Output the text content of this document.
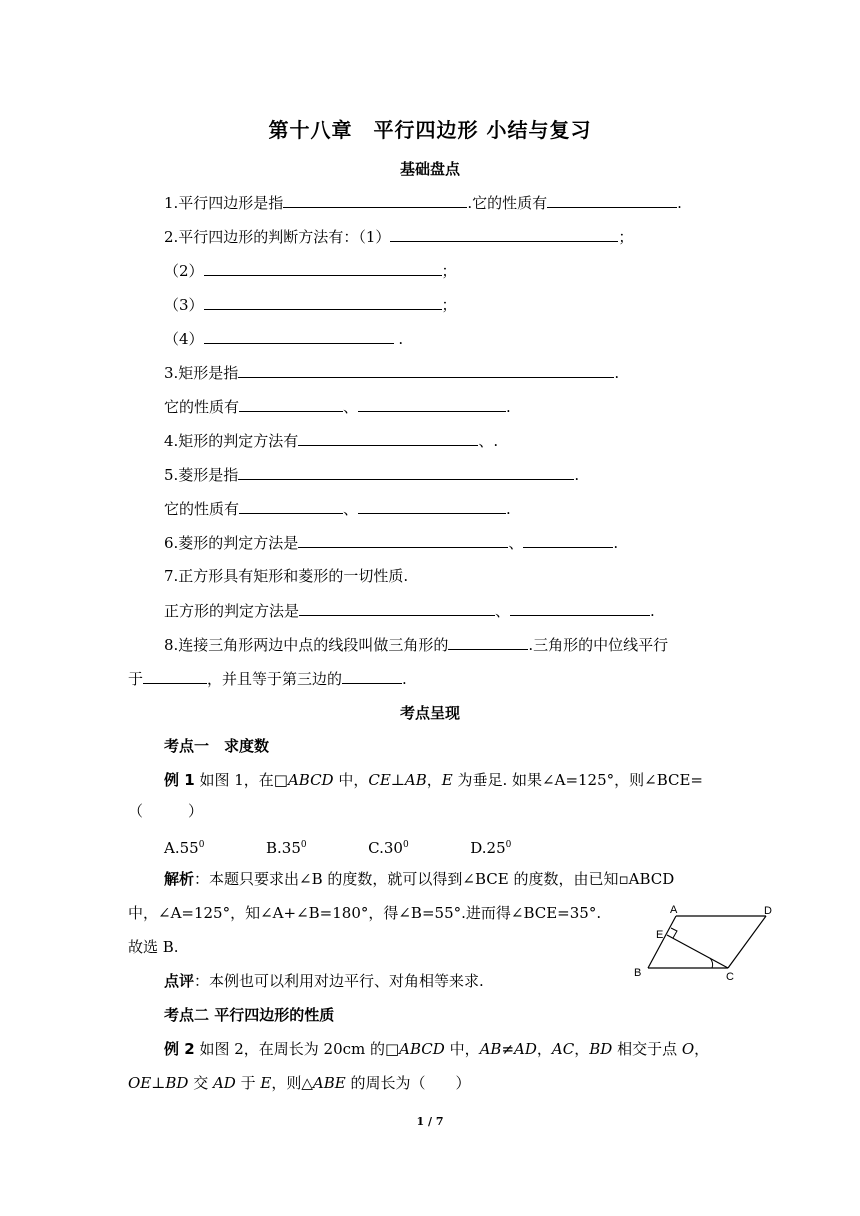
第十八章　平行四边形 小结与复习
基础盘点
1.平行四边形是指	.它的性质有	.
2.平行四边形的判断方法有：（1）	；
（2）	；
（3）	；
（4）	.
3.矩形是指	.
它的性质有	、	.
4.矩形的判定方法有	、.
5.菱形是指	.
它的性质有	、	.
6.菱形的判定方法是	、	.
7.正方形具有矩形和菱形的一切性质.
正方形的判定方法是	、	.
8.连接三角形两边中点的线段叫做三角形的	.三角形的中位线平行
于	，并且等于第三边的	.
考点呈现
考点一　求度数
例 1 如图 1，在□ABCD 中，CE⊥AB，E 为垂足. 如果∠A=125°，则∠BCE=
（　　　）
$A.55^0$	$B.35^0$	$C.30^0$	$D.25^0$
解析：本题只要求出∠B 的度数，就可以得到∠BCE 的度数，由已知▫ABCD
中，∠A=125°，知∠A+∠B=180°，得∠B=55°.进而得∠BCE=35°.
故选 B.
点评：本例也可以利用对边平行、对角相等来求.
考点二 平行四边形的性质
例 2 如图 2，在周长为 20cm 的□ABCD 中，AB≠AD，AC，BD 相交于点 O，
OE⊥BD 交 AD 于 E，则△ABE 的周长为（　　）
A	D
B	C
E
1 / 7
